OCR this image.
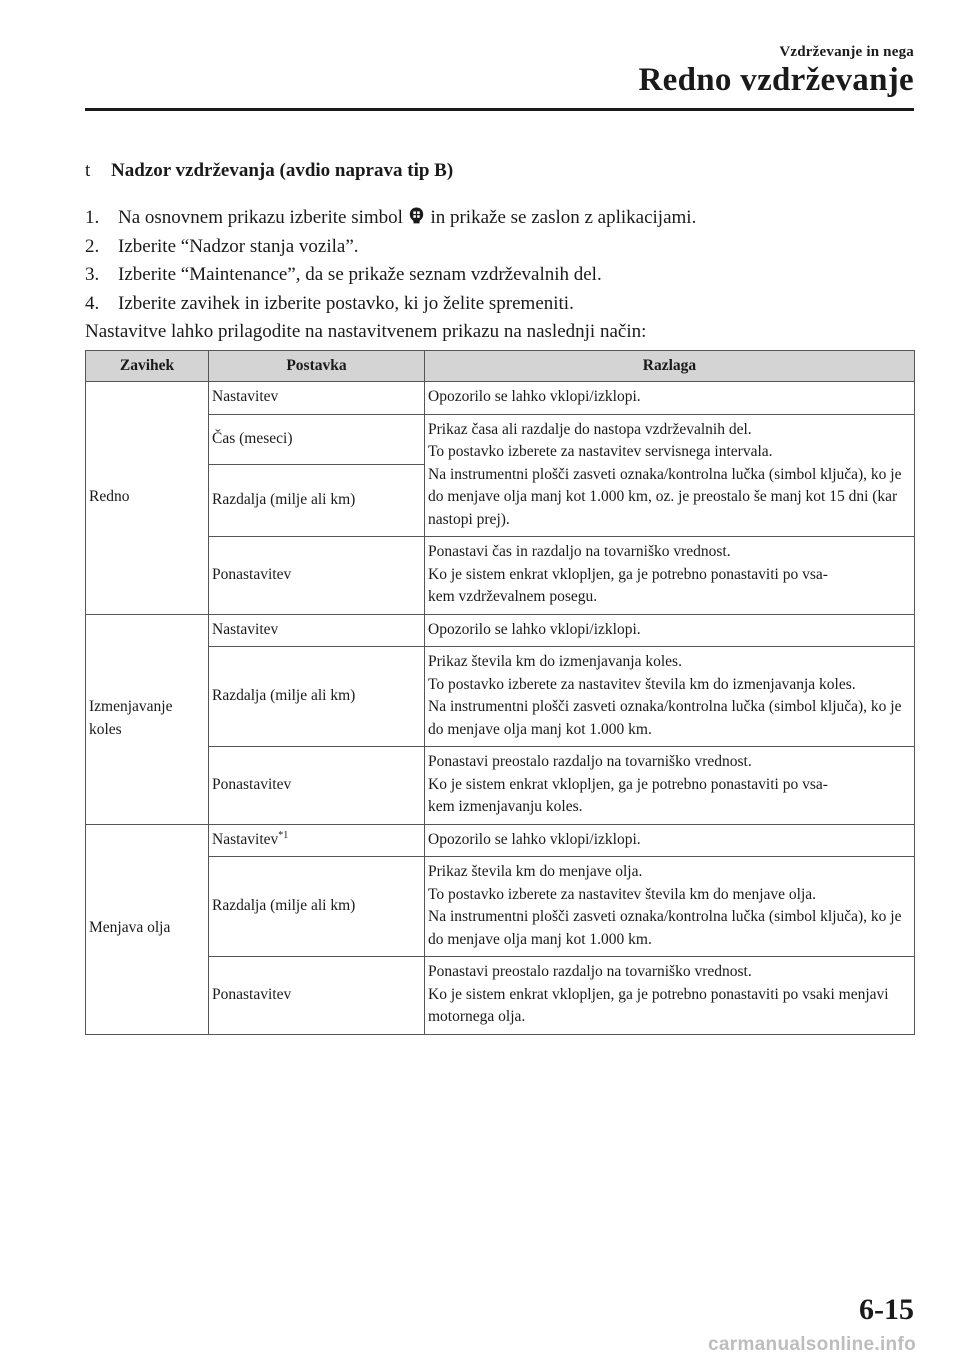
Vzdrževanje in nega
Redno vzdrževanje
t Nadzor vzdrževanja (avdio naprava tip B)
1. Na osnovnem prikazu izberite simbol in prikaže se zaslon z aplikacijami.
2. Izberite “Nadzor stanja vozila”.
3. Izberite “Maintenance”, da se prikaže seznam vzdrževalnih del.
4. Izberite zavihek in izberite postavko, ki jo želite spremeniti.
Nastavitve lahko prilagodite na nastavitvenem prikazu na naslednji način:
Zavihek	Postavka	Razlaga
Redno	Nastavitev	Opozorilo se lahko vklopi/izklopi.
	Čas (meseci)	Prikaz časa ali razdalje do nastopa vzdrževalnih del.
To postavko izberete za nastavitev servisnega intervala.
Na instrumentni plošči zasveti oznaka/kontrolna lučka (simbol ključa), ko je do menjave olja manj kot 1.000 km, oz. je preostalo še manj kot 15 dni (kar nastopi prej).
	Razdalja (milje ali km)	
	Ponastavitev	Ponastavi čas in razdaljo na tovarniško vrednost.
Ko je sistem enkrat vklopljen, ga je potrebno ponastaviti po vsa-
kem vzdrževalnem posegu.
Izmenjavanje
koles	Nastavitev	Opozorilo se lahko vklopi/izklopi.
	Razdalja (milje ali km)	Prikaz števila km do izmenjavanja koles.
To postavko izberete za nastavitev števila km do izmenjavanja koles.
Na instrumentni plošči zasveti oznaka/kontrolna lučka (simbol ključa), ko je do menjave olja manj kot 1.000 km.
	Ponastavitev	Ponastavi preostalo razdaljo na tovarniško vrednost.
Ko je sistem enkrat vklopljen, ga je potrebno ponastaviti po vsa-
kem izmenjavanju koles.
Menjava olja	Nastavitev$^{*1}$	Opozorilo se lahko vklopi/izklopi.
	Razdalja (milje ali km)	Prikaz števila km do menjave olja.
To postavko izberete za nastavitev števila km do menjave olja.
Na instrumentni plošči zasveti oznaka/kontrolna lučka (simbol ključa), ko je do menjave olja manj kot 1.000 km.
	Ponastavitev	Ponastavi preostalo razdaljo na tovarniško vrednost.
Ko je sistem enkrat vklopljen, ga je potrebno ponastaviti po vsaki menjavi motornega olja.
6-15
carmanualsonline.info
